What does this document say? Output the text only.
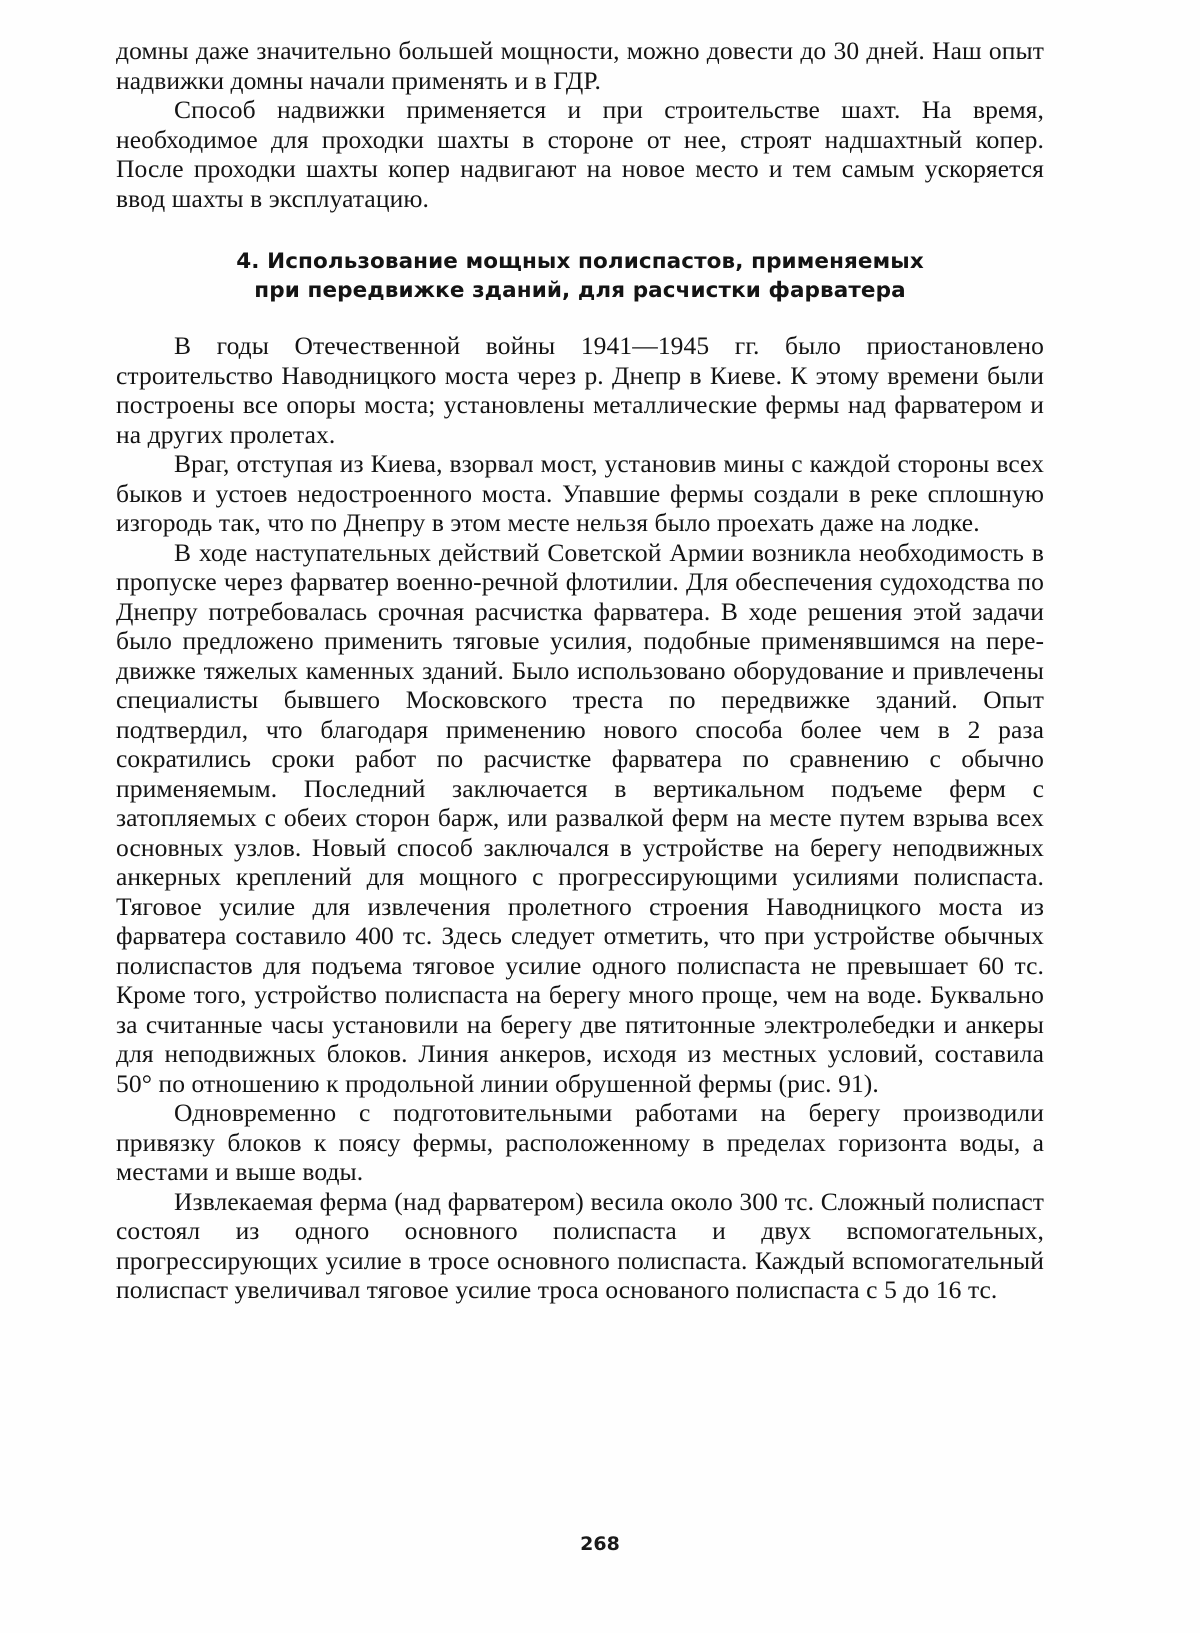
домны даже значительно большей мощности, можно довести до 30 дней. Наш опыт надвижки домны начали применять и в ГДР.

Способ надвижки применяется и при строительстве шахт. На время, необходимое для проходки шахты в стороне от нее, строят надшахтный копер. После проходки шахты копер надвигают на новое место и тем самым ускоряется ввод шахты в эксплуатацию.

4. Использование мощных полиспастов, применяемых
при передвижке зданий, для расчистки фарватера

В годы Отечественной войны 1941—1945 гг. было приостановлено строительство Наводницкого моста через р. Днепр в Киеве. К этому времени были построены все опоры моста; установлены металлические фермы над фарватером и на других пролетах.

Враг, отступая из Киева, взорвал мост, установив мины с каждой стороны всех быков и устоев недостроенного моста. Упавшие фермы создали в реке сплошную изгородь так, что по Днепру в этом месте нельзя было проехать даже на лодке.

В ходе наступательных действий Советской Армии возникла необходимость в пропуске через фарватер военно-речной флотилии. Для обеспечения судоходства по Днепру потребовалась срочная расчистка фарватера. В ходе решения этой задачи было предложено применить тяговые усилия, подобные применявшимся на передвижке тяжелых каменных зданий. Было использовано оборудование и привлечены специалисты бывшего Московского треста по передвижке зданий. Опыт подтвердил, что благодаря применению нового способа более чем в 2 раза сократились сроки работ по расчистке фарватера по сравнению с обычно применяемым. Последний заключается в вертикальном подъеме ферм с затопляемых с обеих сторон барж, или развалкой ферм на месте путем взрыва всех основных узлов. Новый способ заключался в устройстве на берегу неподвижных анкерных креплений для мощного с прогрессирующими усилиями полиспаста. Тяговое усилие для извлечения пролетного строения Наводницкого моста из фарватера составило 400 тс. Здесь следует отметить, что при устройстве обычных полиспастов для подъема тяговое усилие одного полиспаста не превышает 60 тс. Кроме того, устройство полиспаста на берегу много проще, чем на воде. Буквально за считанные часы установили на берегу две пятитонные электролебедки и анкеры для неподвижных блоков. Линия анкеров, исходя из местных условий, составила 50° по отношению к продольной линии обрушенной фермы (рис. 91).

Одновременно с подготовительными работами на берегу производили привязку блоков к поясу фермы, расположенному в пределах горизонта воды, а местами и выше воды.

Извлекаемая ферма (над фарватером) весила около 300 тс. Сложный полиспаст состоял из одного основного полиспаста и двух вспомогательных, прогрессирующих усилие в тросе основного полиспаста. Каждый вспомогательный полиспаст увеличивал тяговое усилие троса основаного полиспаста с 5 до 16 тс.

268
